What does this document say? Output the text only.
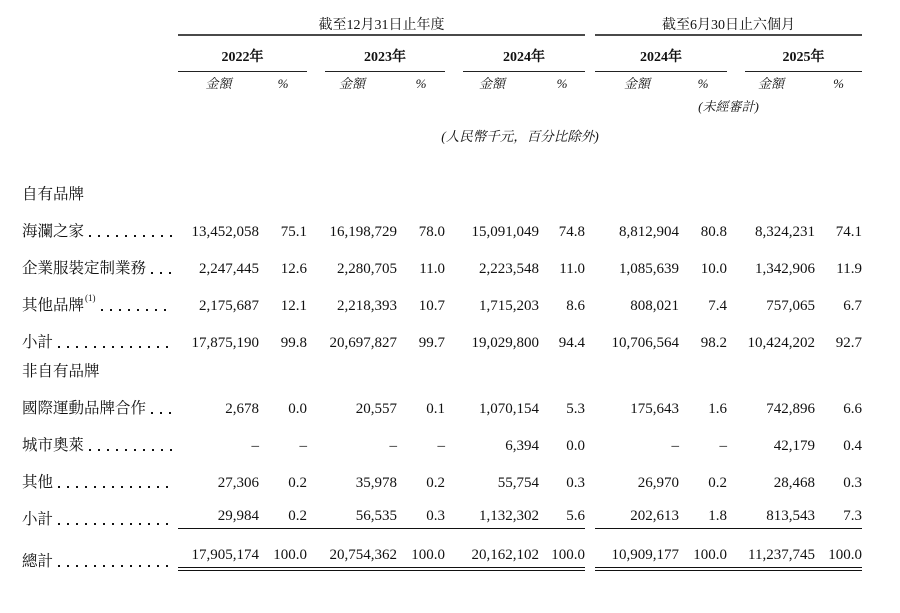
	截至12月31日止年度							截至6月30日止六個月			

	2022年		2023年		2024年			2024年		2025年	

	金額	%	金額	%	金額	%		金額	%	金額	%
								(未經審計)			
	(人民幣千元，百分比除外)										
自有品牌											

海瀾之家	13,452,058	75.1	16,198,729	78.0	15,091,049	74.8		8,812,904	80.8	8,324,231	74.1

企業服裝定制業務	2,247,445	12.6	2,280,705	11.0	2,223,548	11.0		1,085,639	10.0	1,342,906	11.9

其他品牌$^{(1)}$	2,175,687	12.1	2,218,393	10.7	1,715,203	8.6		808,021	7.4	757,065	6.7

小計	17,875,190	99.8	20,697,827	99.7	19,029,800	94.4		10,706,564	98.2	10,424,202	92.7

非自有品牌											

國際運動品牌合作	2,678	0.0	20,557	0.1	1,070,154	5.3		175,643	1.6	742,896	6.6

城市奧萊	–	–	–	–	6,394	0.0		–	–	42,179	0.4

其他	27,306	0.2	35,978	0.2	55,754	0.3		26,970	0.2	28,468	0.3

小計	29,984	0.2	56,535	0.3	1,132,302	5.6		202,613	1.8	813,543	7.3

總計	17,905,174	100.0	20,754,362	100.0	20,162,102	100.0		10,909,177	100.0	11,237,745	100.0
